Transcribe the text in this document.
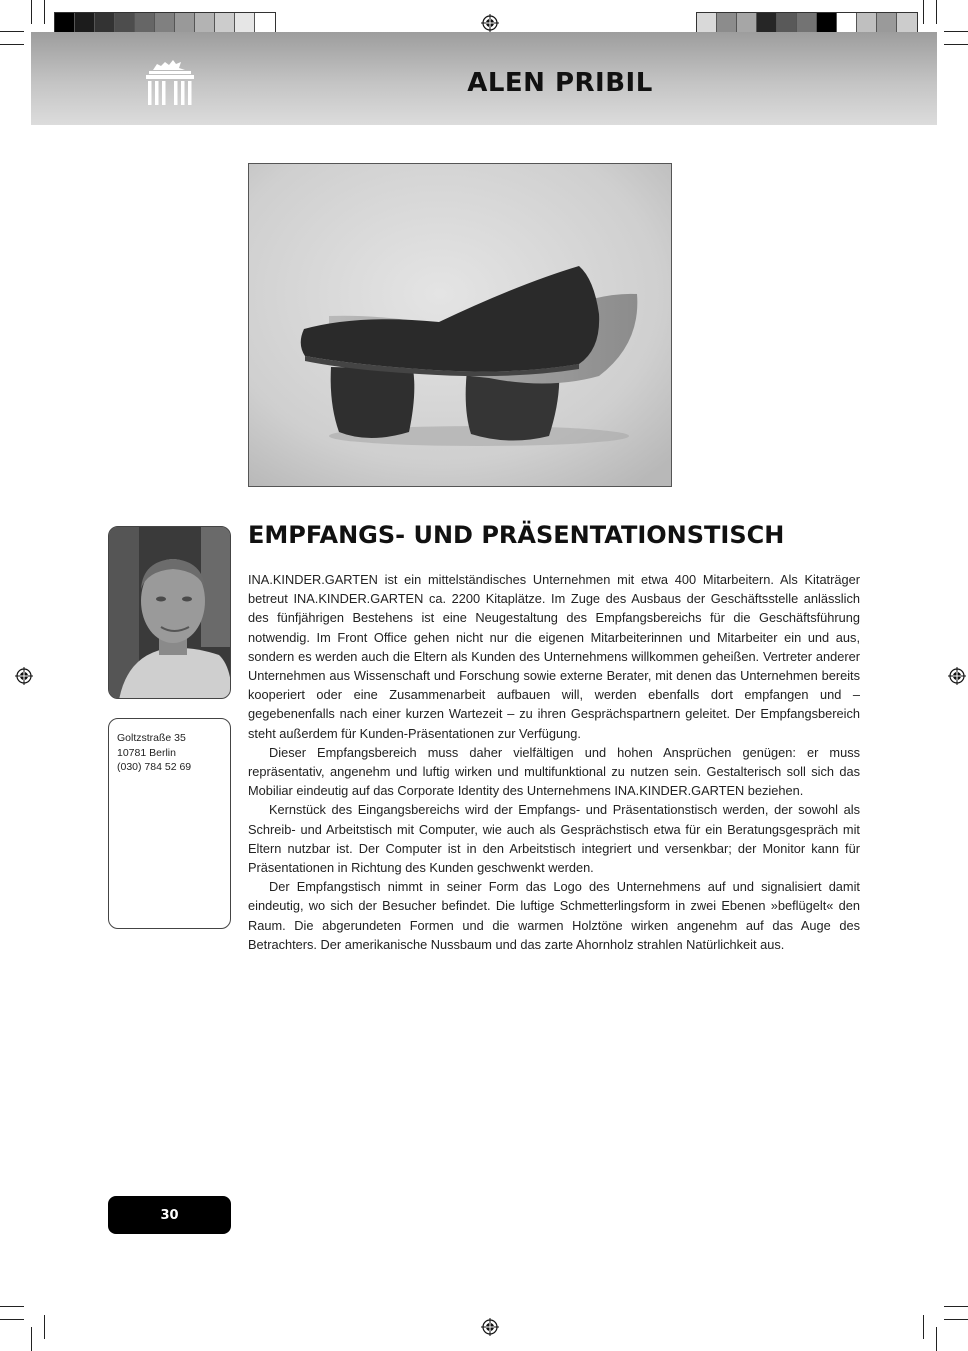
ALEN PRIBIL
Goltzstraße 35
10781 Berlin
(030) 784 52 69
EMPFANGS- UND PRÄSENTATIONSTISCH

INA.KINDER.GARTEN ist ein mittelständisches Unternehmen mit etwa 400 Mitarbeitern. Als Kitaträger betreut INA.KINDER.GARTEN ca. 2200 Kitaplätze. Im Zuge des Ausbaus der Geschäftsstelle anlässlich des fünfjährigen Bestehens ist eine Neugestaltung des Empfangsbereichs für die Geschäftsführung notwendig. Im Front Office gehen nicht nur die eigenen Mitarbeiterinnen und Mitarbeiter ein und aus, sondern es werden auch die Eltern als Kunden des Unternehmens willkommen geheißen. Vertreter anderer Unternehmen aus Wissenschaft und Forschung sowie externe Berater, mit denen das Unternehmen bereits kooperiert oder eine Zusammenarbeit aufbauen will, werden ebenfalls dort empfangen und – gegebenenfalls nach einer kurzen Wartezeit – zu ihren Gesprächspartnern geleitet. Der Empfangsbereich steht außerdem für Kunden-Präsentationen zur Verfügung.

Dieser Empfangsbereich muss daher vielfältigen und hohen Ansprüchen genügen: er muss repräsentativ, angenehm und luftig wirken und multifunktional zu nutzen sein. Gestalterisch soll sich das Mobiliar eindeutig auf das Corporate Identity des Unternehmens INA.KINDER.GARTEN beziehen.

Kernstück des Eingangsbereichs wird der Empfangs- und Präsentationstisch werden, der sowohl als Schreib- und Arbeitstisch mit Computer, wie auch als Gesprächstisch etwa für ein Beratungsgespräch mit Eltern nutzbar ist. Der Computer ist in den Arbeitstisch integriert und versenkbar; der Monitor kann für Präsentationen in Richtung des Kunden geschwenkt werden.

Der Empfangstisch nimmt in seiner Form das Logo des Unternehmens auf und signalisiert damit eindeutig, wo sich der Besucher befindet. Die luftige Schmetterlingsform in zwei Ebenen »beflügelt« den Raum. Die abgerundeten Formen und die warmen Holztöne wirken angenehm auf das Auge des Betrachters. Der amerikanische Nussbaum und das zarte Ahornholz strahlen Natürlichkeit aus.

30
